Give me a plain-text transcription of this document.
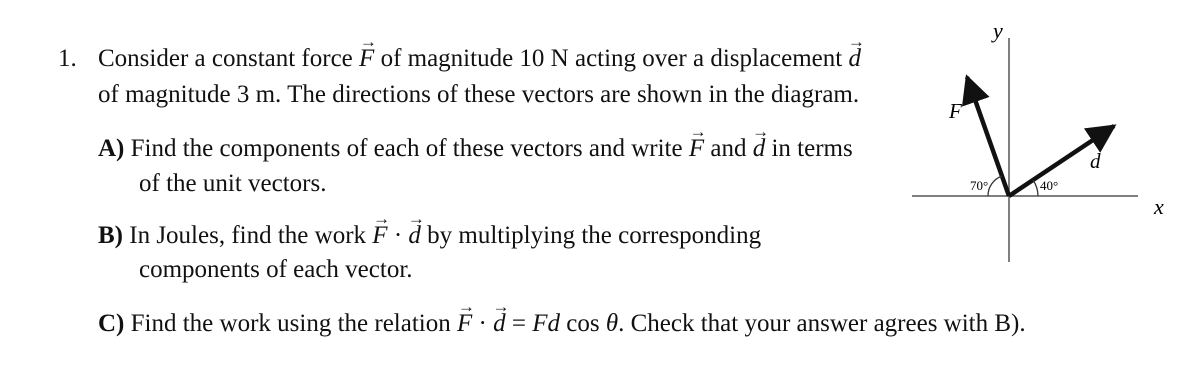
1. Consider a constant force → F of magnitude 10 N acting over a displacement → d
of magnitude 3 m. The directions of these vectors are shown in the diagram.
A) Find the components of each of these vectors and write → F and → d in terms
of the unit vectors.
B) In Joules, find the work → F · → d by multiplying the corresponding
components of each vector.
C) Find the work using the relation → F · → d = Fd cos θ. Check that your answer agrees with B).
y
x
F
d
70°	40°
